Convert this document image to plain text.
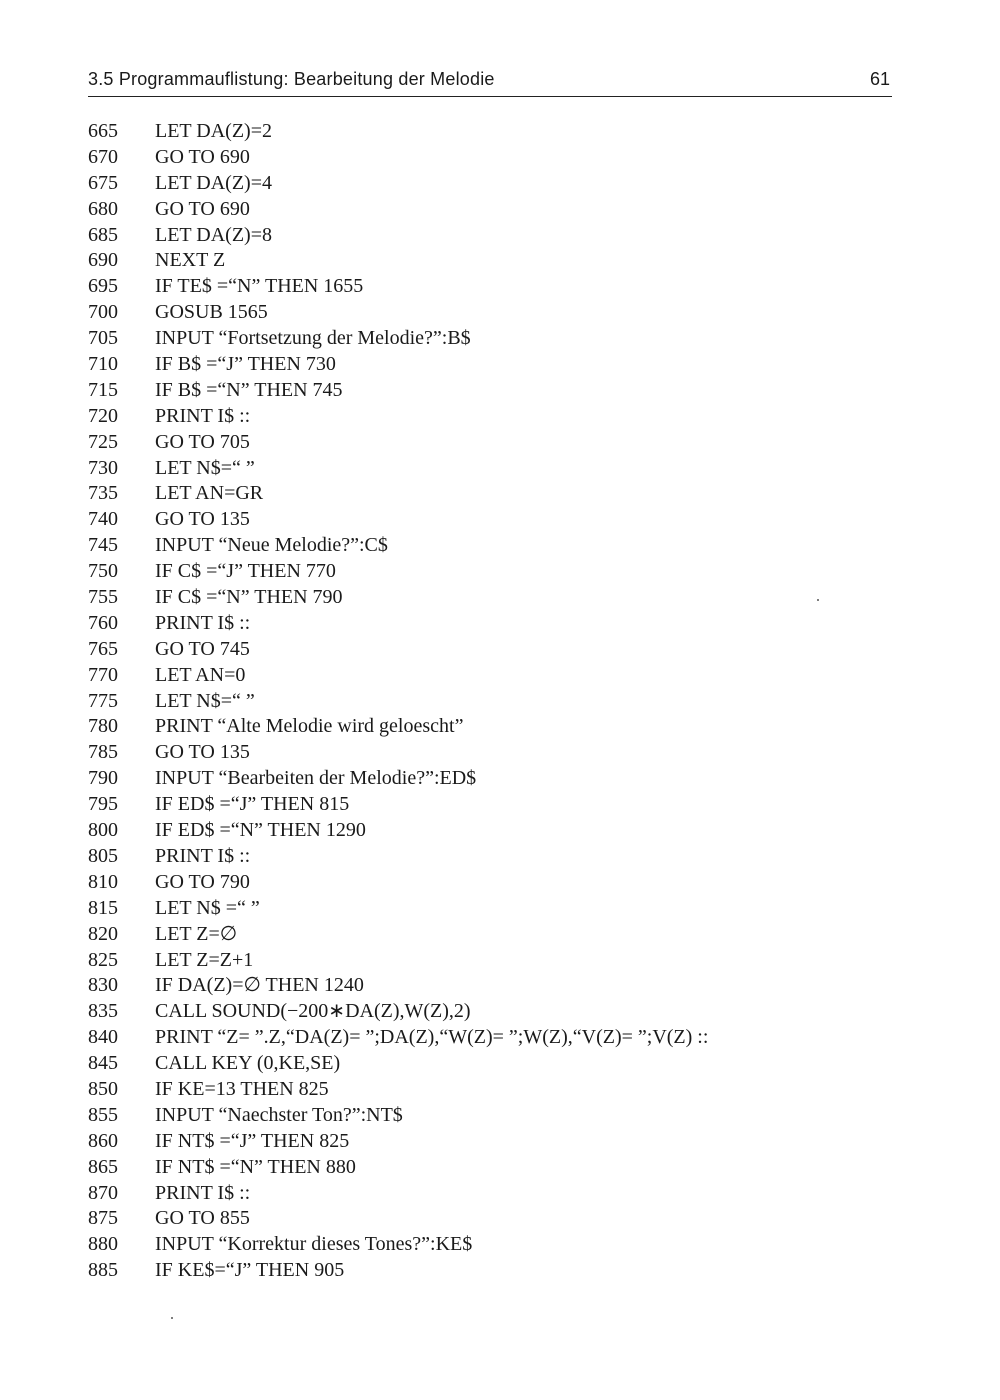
3.5 Programmauflistung: Bearbeitung der Melodie	61
665 LET DA(Z)=2
670 GO TO 690
675 LET DA(Z)=4
680 GO TO 690
685 LET DA(Z)=8
690 NEXT Z
695 IF TE$ =“N” THEN 1655
700 GOSUB 1565
705 INPUT “Fortsetzung der Melodie?”:B$
710 IF B$ =“J” THEN 730
715 IF B$ =“N” THEN 745
720 PRINT I$ ::
725 GO TO 705
730 LET N$=“ ”
735 LET AN=GR
740 GO TO 135
745 INPUT “Neue Melodie?”:C$
750 IF C$ =“J” THEN 770
755 IF C$ =“N” THEN 790
760 PRINT I$ ::
765 GO TO 745
770 LET AN=0
775 LET N$=“ ”
780 PRINT “Alte Melodie wird geloescht”
785 GO TO 135
790 INPUT “Bearbeiten der Melodie?”:ED$
795 IF ED$ =“J” THEN 815
800 IF ED$ =“N” THEN 1290
805 PRINT I$ ::
810 GO TO 790
815 LET N$ =“ ”
820 LET Z=∅
825 LET Z=Z+1
830 IF DA(Z)=∅ THEN 1240
835 CALL SOUND(−200∗DA(Z),W(Z),2)
840 PRINT “Z= ”.Z,“DA(Z)= ”;DA(Z),“W(Z)= ”;W(Z),“V(Z)= ”;V(Z) ::
845 CALL KEY (0,KE,SE)
850 IF KE=13 THEN 825
855 INPUT “Naechster Ton?”:NT$
860 IF NT$ =“J” THEN 825
865 IF NT$ =“N” THEN 880
870 PRINT I$ ::
875 GO TO 855
880 INPUT “Korrektur dieses Tones?”:KE$
885 IF KE$=“J” THEN 905
